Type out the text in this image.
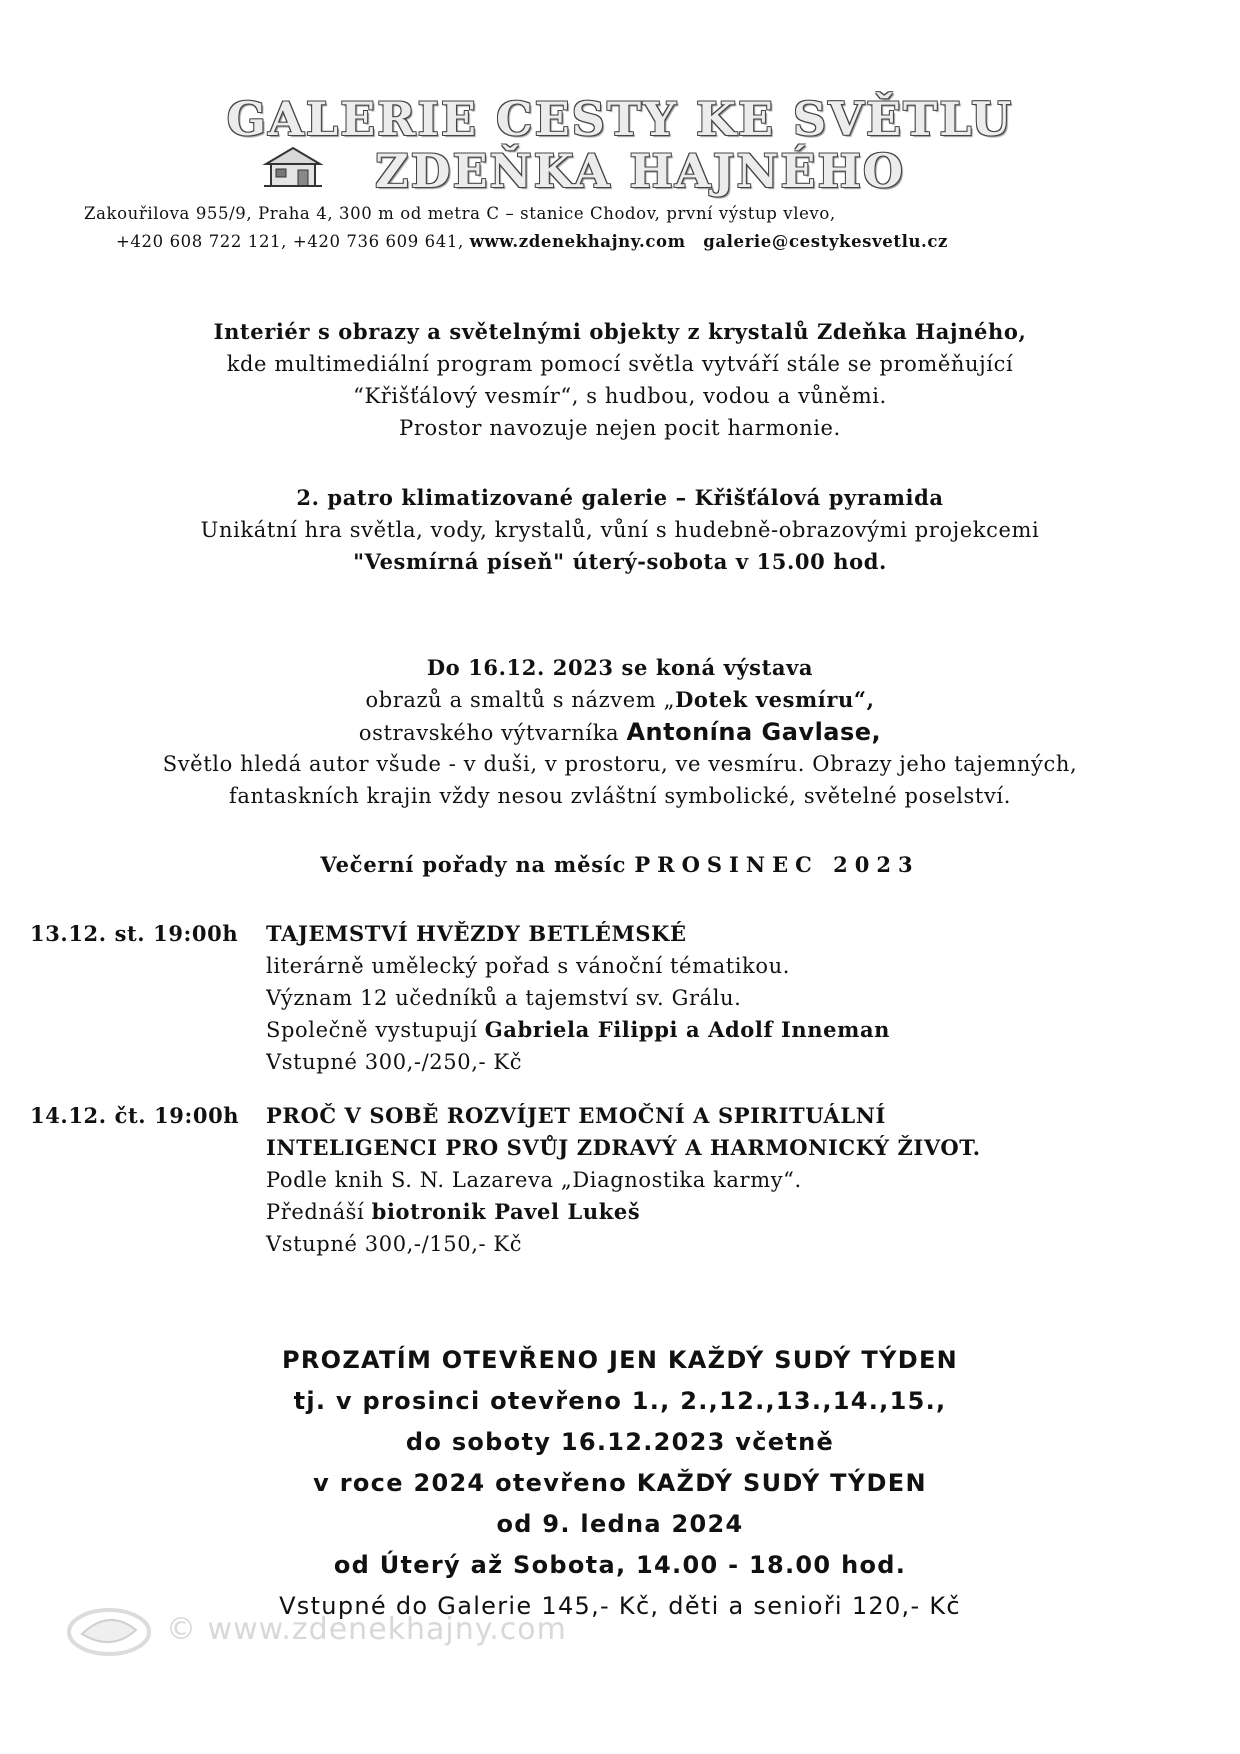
GALERIE CESTY KE SVĚTLU
ZDEŇKA HAJNÉHO
Zakouřilova 955/9, Praha 4, 300 m od metra C – stanice Chodov, první výstup vlevo,
+420 608 722 121, +420 736 609 641, www.zdenekhajny.com galerie@cestykesvetlu.cz
Interiér s obrazy a světelnými objekty z krystalů Zdeňka Hajného,
kde multimediální program pomocí světla vytváří stále se proměňující
“Křišťálový vesmír“, s hudbou, vodou a vůněmi.
Prostor navozuje nejen pocit harmonie.
2. patro klimatizované galerie – Křišťálová pyramida
Unikátní hra světla, vody, krystalů, vůní s hudebně-obrazovými projekcemi
"Vesmírná píseň" úterý-sobota v 15.00 hod.
Do 16.12. 2023 se koná výstava
obrazů a smaltů s názvem „Dotek vesmíru“,
ostravského výtvarníka Antonína Gavlase,
Světlo hledá autor všude - v duši, v prostoru, ve vesmíru. Obrazy jeho tajemných,
fantaskních krajin vždy nesou zvláštní symbolické, světelné poselství.
Večerní pořady na měsíc PROSINEC 2023
13.12. st. 19:00h TAJEMSTVÍ HVĚZDY BETLÉMSKÉ
literárně umělecký pořad s vánoční tématikou.
Význam 12 učedníků a tajemství sv. Grálu.
Společně vystupují Gabriela Filippi a Adolf Inneman
Vstupné 300,-/250,- Kč
14.12. čt. 19:00h PROČ V SOBĚ ROZVÍJET EMOČNÍ A SPIRITUÁLNÍ
INTELIGENCI PRO SVŮJ ZDRAVÝ A HARMONICKÝ ŽIVOT.
Podle knih S. N. Lazareva „Diagnostika karmy“.
Přednáší biotronik Pavel Lukeš
Vstupné 300,-/150,- Kč
PROZATÍM OTEVŘENO JEN KAŽDÝ SUDÝ TÝDEN
tj. v prosinci otevřeno 1., 2.,12.,13.,14.,15.,
do soboty 16.12.2023 včetně
v roce 2024 otevřeno KAŽDÝ SUDÝ TÝDEN
od 9. ledna 2024
od Úterý až Sobota, 14.00 - 18.00 hod.
Vstupné do Galerie 145,- Kč, děti a senioři 120,- Kč
© www.zdenekhajny.com
